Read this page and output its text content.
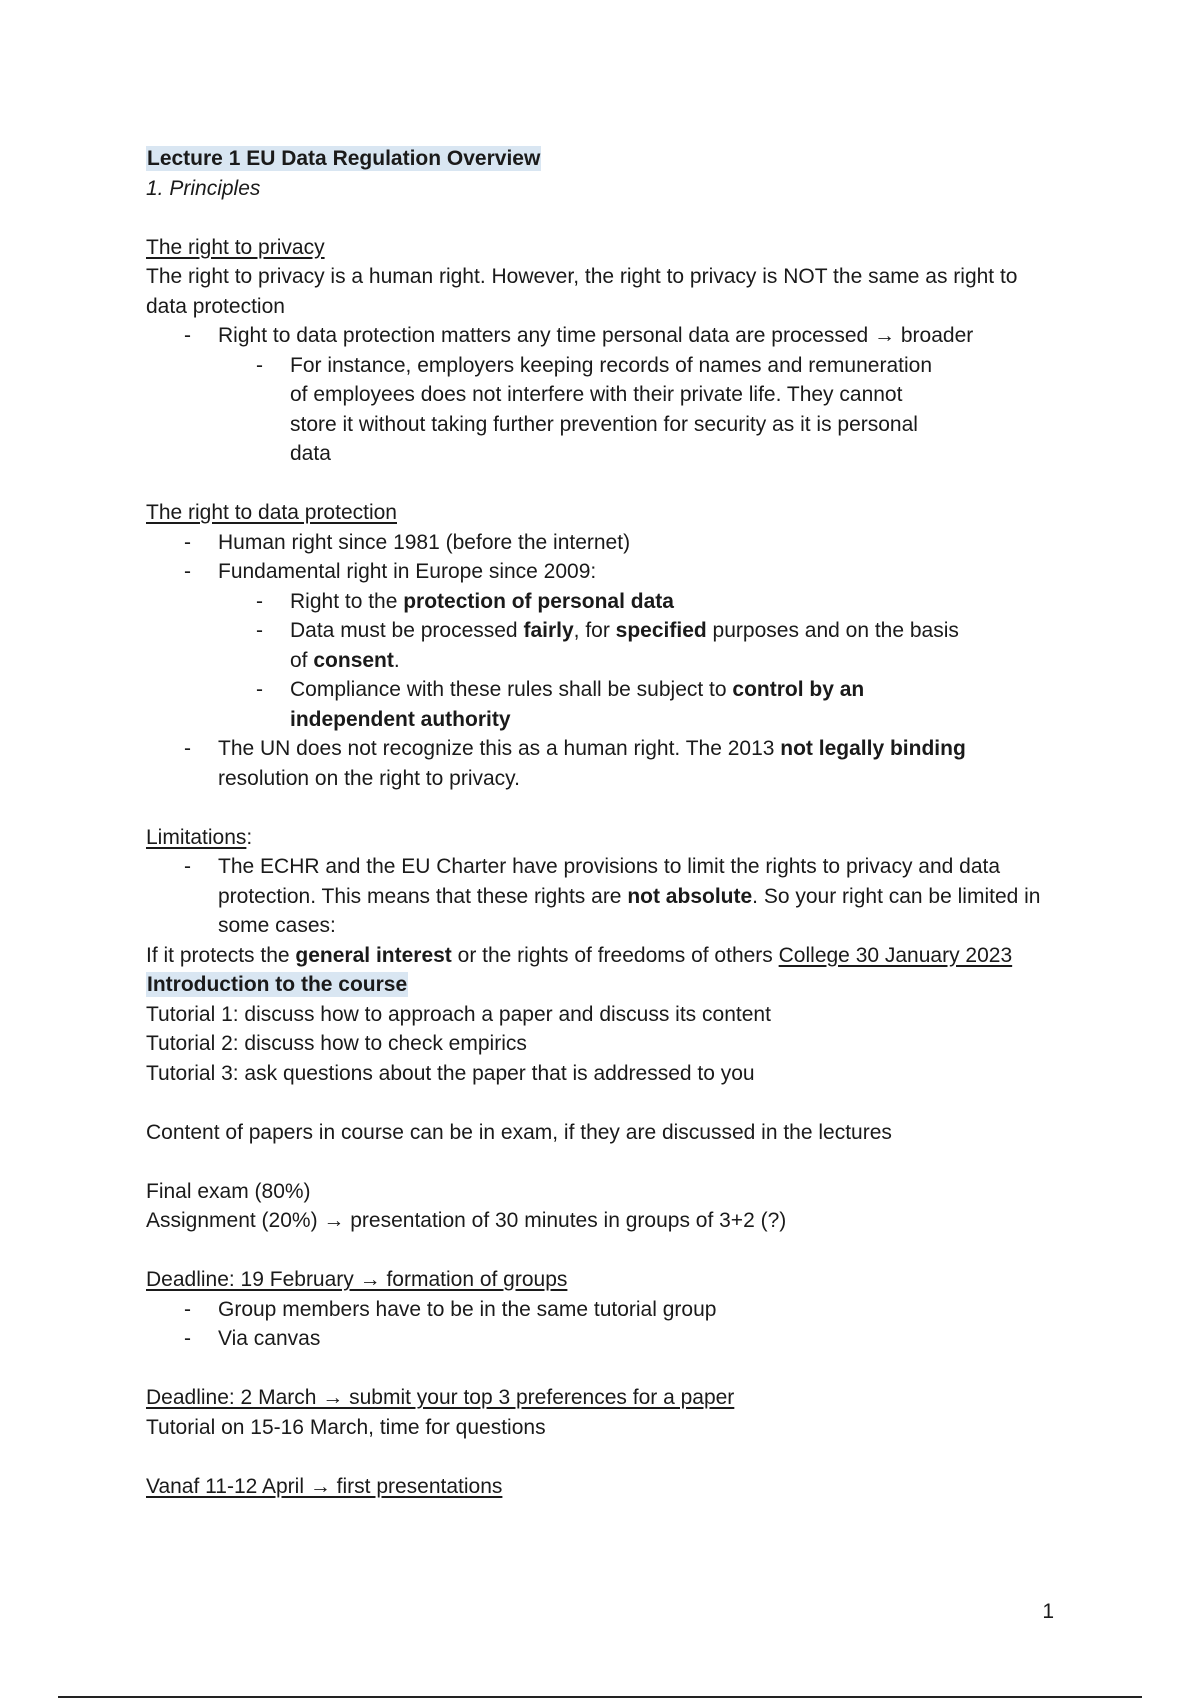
Lecture 1 EU Data Regulation Overview
1. Principles
The right to privacy
The right to privacy is a human right. However, the right to privacy is NOT the same as right to data protection
-	Right to data protection matters any time personal data are processed → broader
-	For instance, employers keeping records of names and remuneration of employees does not interfere with their private life. They cannot store it without taking further prevention for security as it is personal data
The right to data protection
-	Human right since 1981 (before the internet)
-	Fundamental right in Europe since 2009:
-	Right to the protection of personal data
-	Data must be processed fairly, for specified purposes and on the basis of consent.
-	Compliance with these rules shall be subject to control by an independent authority
-	The UN does not recognize this as a human right. The 2013 not legally binding resolution on the right to privacy.
Limitations:
-	The ECHR and the EU Charter have provisions to limit the rights to privacy and data protection. This means that these rights are not absolute. So your right can be limited in some cases:
If it protects the general interest or the rights of freedoms of others College 30 January 2023
Introduction to the course
Tutorial 1: discuss how to approach a paper and discuss its content
Tutorial 2: discuss how to check empirics
Tutorial 3: ask questions about the paper that is addressed to you
Content of papers in course can be in exam, if they are discussed in the lectures
Final exam (80%)
Assignment (20%) → presentation of 30 minutes in groups of 3+2 (?)
Deadline: 19 February → formation of groups
-	Group members have to be in the same tutorial group
-	Via canvas
Deadline: 2 March → submit your top 3 preferences for a paper
Tutorial on 15-16 March, time for questions
Vanaf 11-12 April → first presentations
1
